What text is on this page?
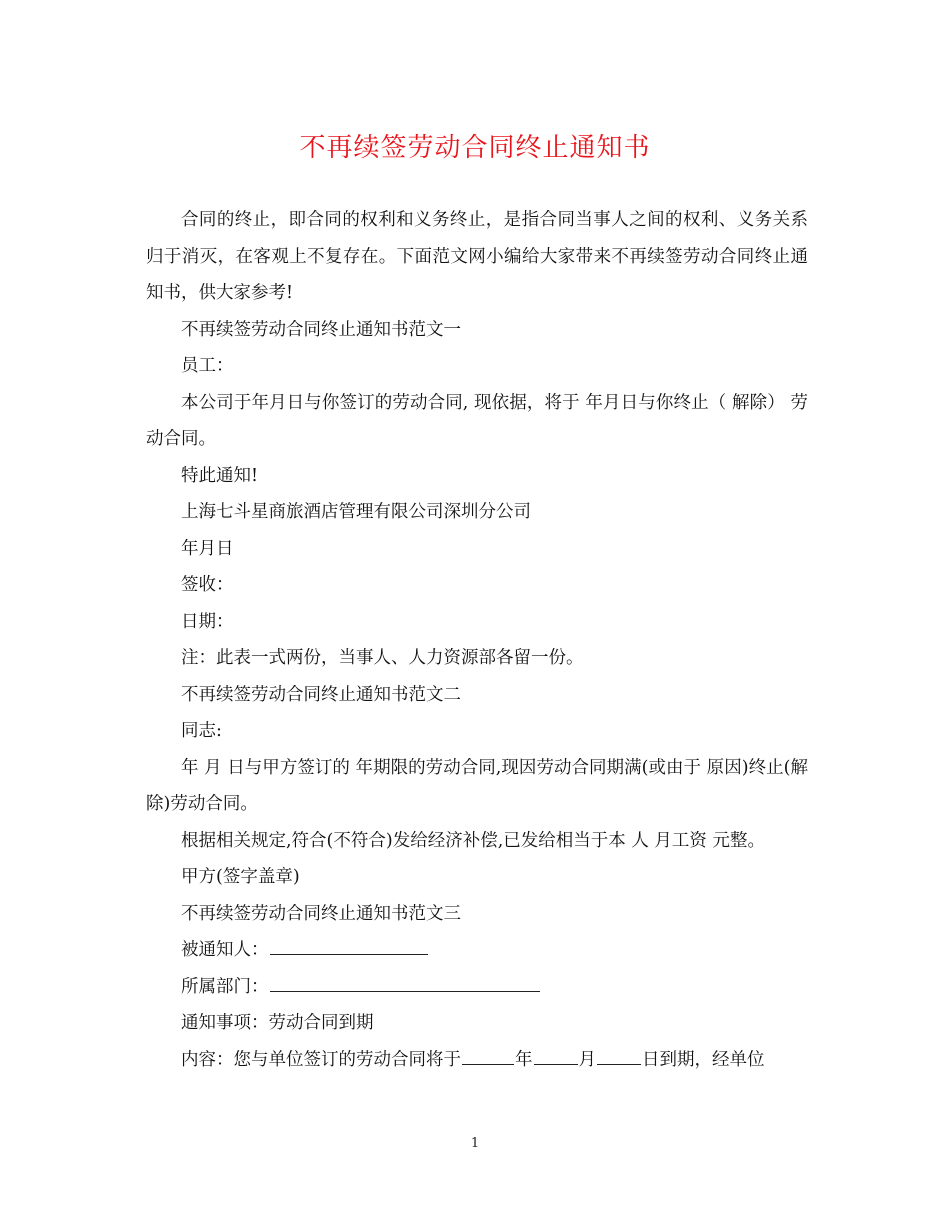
不再续签劳动合同终止通知书

合同的终止，即合同的权利和义务终止，是指合同当事人之间的权利、义务关系归于消灭，在客观上不复存在。下面范文网小编给大家带来不再续签劳动合同终止通知书，供大家参考!

不再续签劳动合同终止通知书范文一

员工：

本公司于年月日与你签订的劳动合同, 现依据，将于 年月日与你终止（ 解除） 劳动合同。

特此通知!

上海七斗星商旅酒店管理有限公司深圳分公司

年月日

签收：

日期：

注：此表一式两份，当事人、人力资源部各留一份。

不再续签劳动合同终止通知书范文二

同志:

年 月 日与甲方签订的 年期限的劳动合同,现因劳动合同期满(或由于 原因)终止(解除)劳动合同。

根据相关规定,符合(不符合)发给经济补偿,已发给相当于本 人 月工资 元整。

甲方(签字盖章)

不再续签劳动合同终止通知书范文三

被通知人：

所属部门：

通知事项：劳动合同到期

内容：您与单位签订的劳动合同将于	年	月	日到期，经单位

1
